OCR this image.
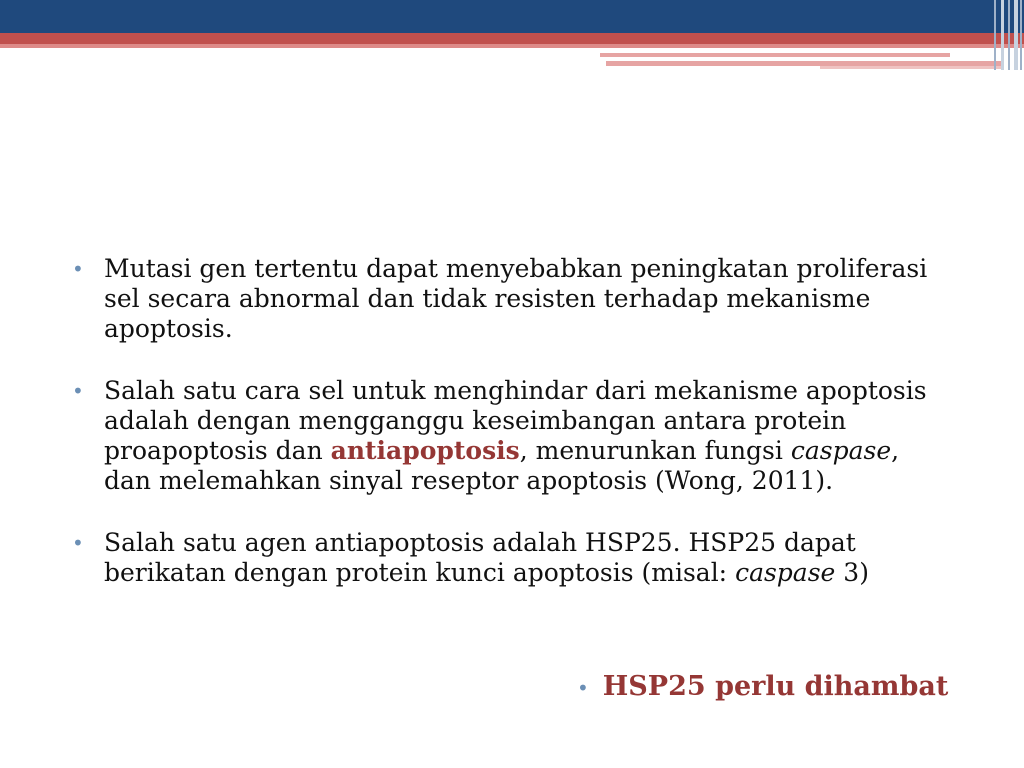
• Mutasi gen tertentu dapat menyebabkan peningkatan proliferasi sel secara abnormal dan tidak resisten terhadap mekanisme apoptosis.

• Salah satu cara sel untuk menghindar dari mekanisme apoptosis adalah dengan mengganggu keseimbangan antara protein proapoptosis dan antiapoptosis, menurunkan fungsi caspase, dan melemahkan sinyal reseptor apoptosis (Wong, 2011).

• Salah satu agen antiapoptosis adalah HSP25. HSP25 dapat berikatan dengan protein kunci apoptosis (misal: caspase 3)

• HSP25 perlu dihambat
